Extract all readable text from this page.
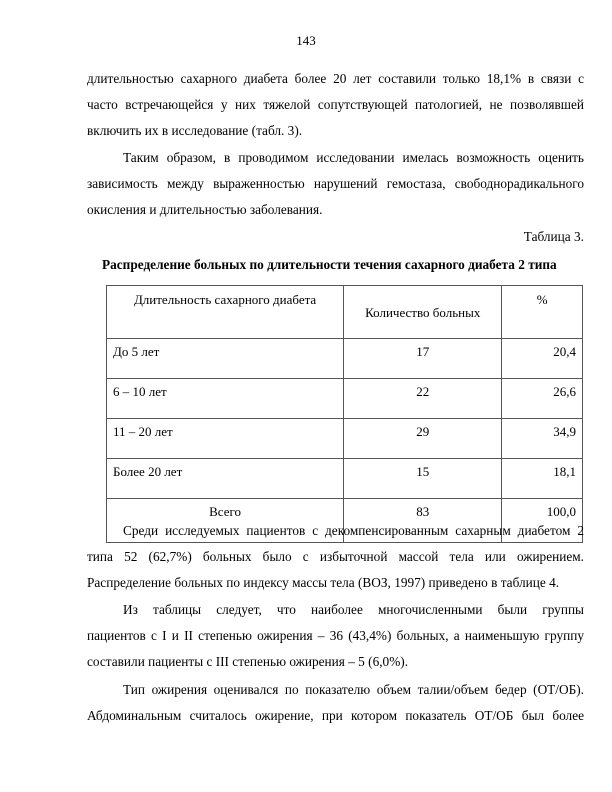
143

длительностью сахарного диабета более 20 лет составили только 18,1% в связи с
часто встречающейся у них тяжелой сопутствующей патологией, не позволявшей
включить их в исследование (табл. 3).

Таким образом, в проводимом исследовании имелась возможность оценить
зависимость между выраженностью нарушений гемостаза, свободнорадикального
окисления и длительностью заболевания.

Таблица 3.
Распределение больных по длительности течения сахарного диабета 2 типа
Длительность сахарного диабета	Количество больных	%
До 5 лет	17	20,4
6 – 10 лет	22	26,6
11 – 20 лет	29	34,9
Более 20 лет	15	18,1
Всего	83	100,0

Среди исследуемых пациентов с декомпенсированным сахарным диабетом 2
типа 52 (62,7%) больных было с избыточной массой тела или ожирением.
Распределение больных по индексу массы тела (ВОЗ, 1997) приведено в таблице 4.

Из таблицы следует, что наиболее многочисленными были группы
пациентов с I и II степенью ожирения – 36 (43,4%) больных, а наименьшую группу
составили пациенты с III степенью ожирения – 5 (6,0%).

Тип ожирения оценивался по показателю объем талии/объем бедер (ОТ/ОБ).
Абдоминальным считалось ожирение, при котором показатель ОТ/ОБ был более
